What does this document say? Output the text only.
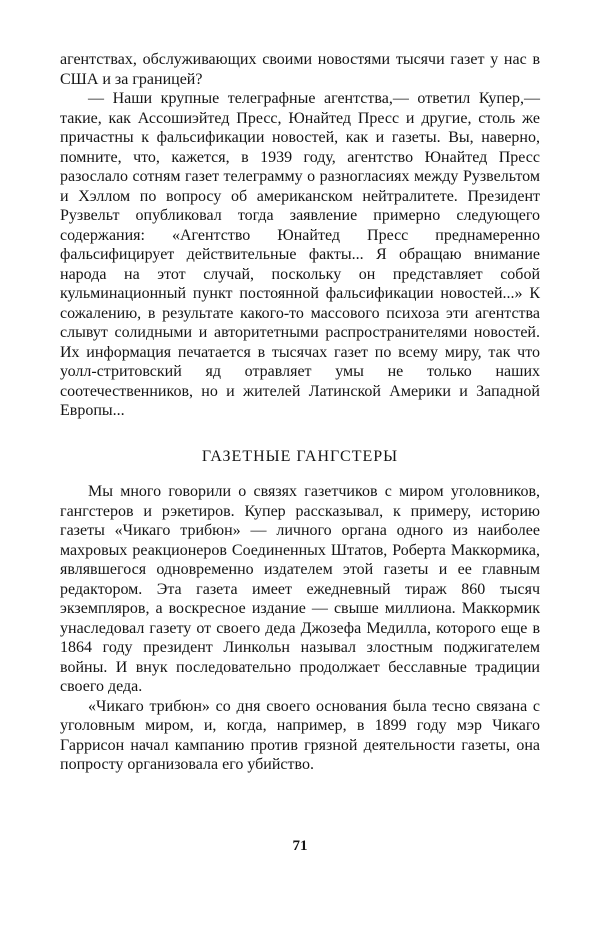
агентствах, обслуживающих своими новостями тысячи газет у нас в США и за границей?

— Наши крупные телеграфные агентства,— ответил Купер,— такие, как Ассошиэйтед Пресс, Юнайтед Пресс и другие, столь же причастны к фальсификации новостей, как и газеты. Вы, наверно, помните, что, кажется, в 1939 году, агентство Юнайтед Пресс разослало сотням газет телеграмму о разногласиях между Рузвельтом и Хэллом по вопросу об американском нейтралитете. Президент Рузвельт опубликовал тогда заявление примерно следующего содержания: «Агентство Юнайтед Пресс преднамеренно фальсифицирует действительные факты... Я обращаю внимание народа на этот случай, поскольку он представляет собой кульминационный пункт постоянной фальсификации новостей...» К сожалению, в результате какого-то массового психоза эти агентства слывут солидными и авторитетными распространителями новостей. Их информация печатается в тысячах газет по всему миру, так что уолл-стритовский яд отравляет умы не только наших соотечественников, но и жителей Латинской Америки и Западной Европы...

ГАЗЕТНЫЕ ГАНГСТЕРЫ

Мы много говорили о связях газетчиков с миром уголовников, гангстеров и рэкетиров. Купер рассказывал, к примеру, историю газеты «Чикаго трибюн» — личного органа одного из наиболее махровых реакционеров Соединенных Штатов, Роберта Маккормика, являвшегося одновременно издателем этой газеты и ее главным редактором. Эта газета имеет ежедневный тираж 860 тысяч экземпляров, а воскресное издание — свыше миллиона. Маккормик унаследовал газету от своего деда Джозефа Медилла, которого еще в 1864 году президент Линкольн называл злостным поджигателем войны. И внук последовательно продолжает бесславные традиции своего деда.

«Чикаго трибюн» со дня своего основания была тесно связана с уголовным миром, и, когда, например, в 1899 году мэр Чикаго Гаррисон начал кампанию против грязной деятельности газеты, она попросту организовала его убийство.

71
